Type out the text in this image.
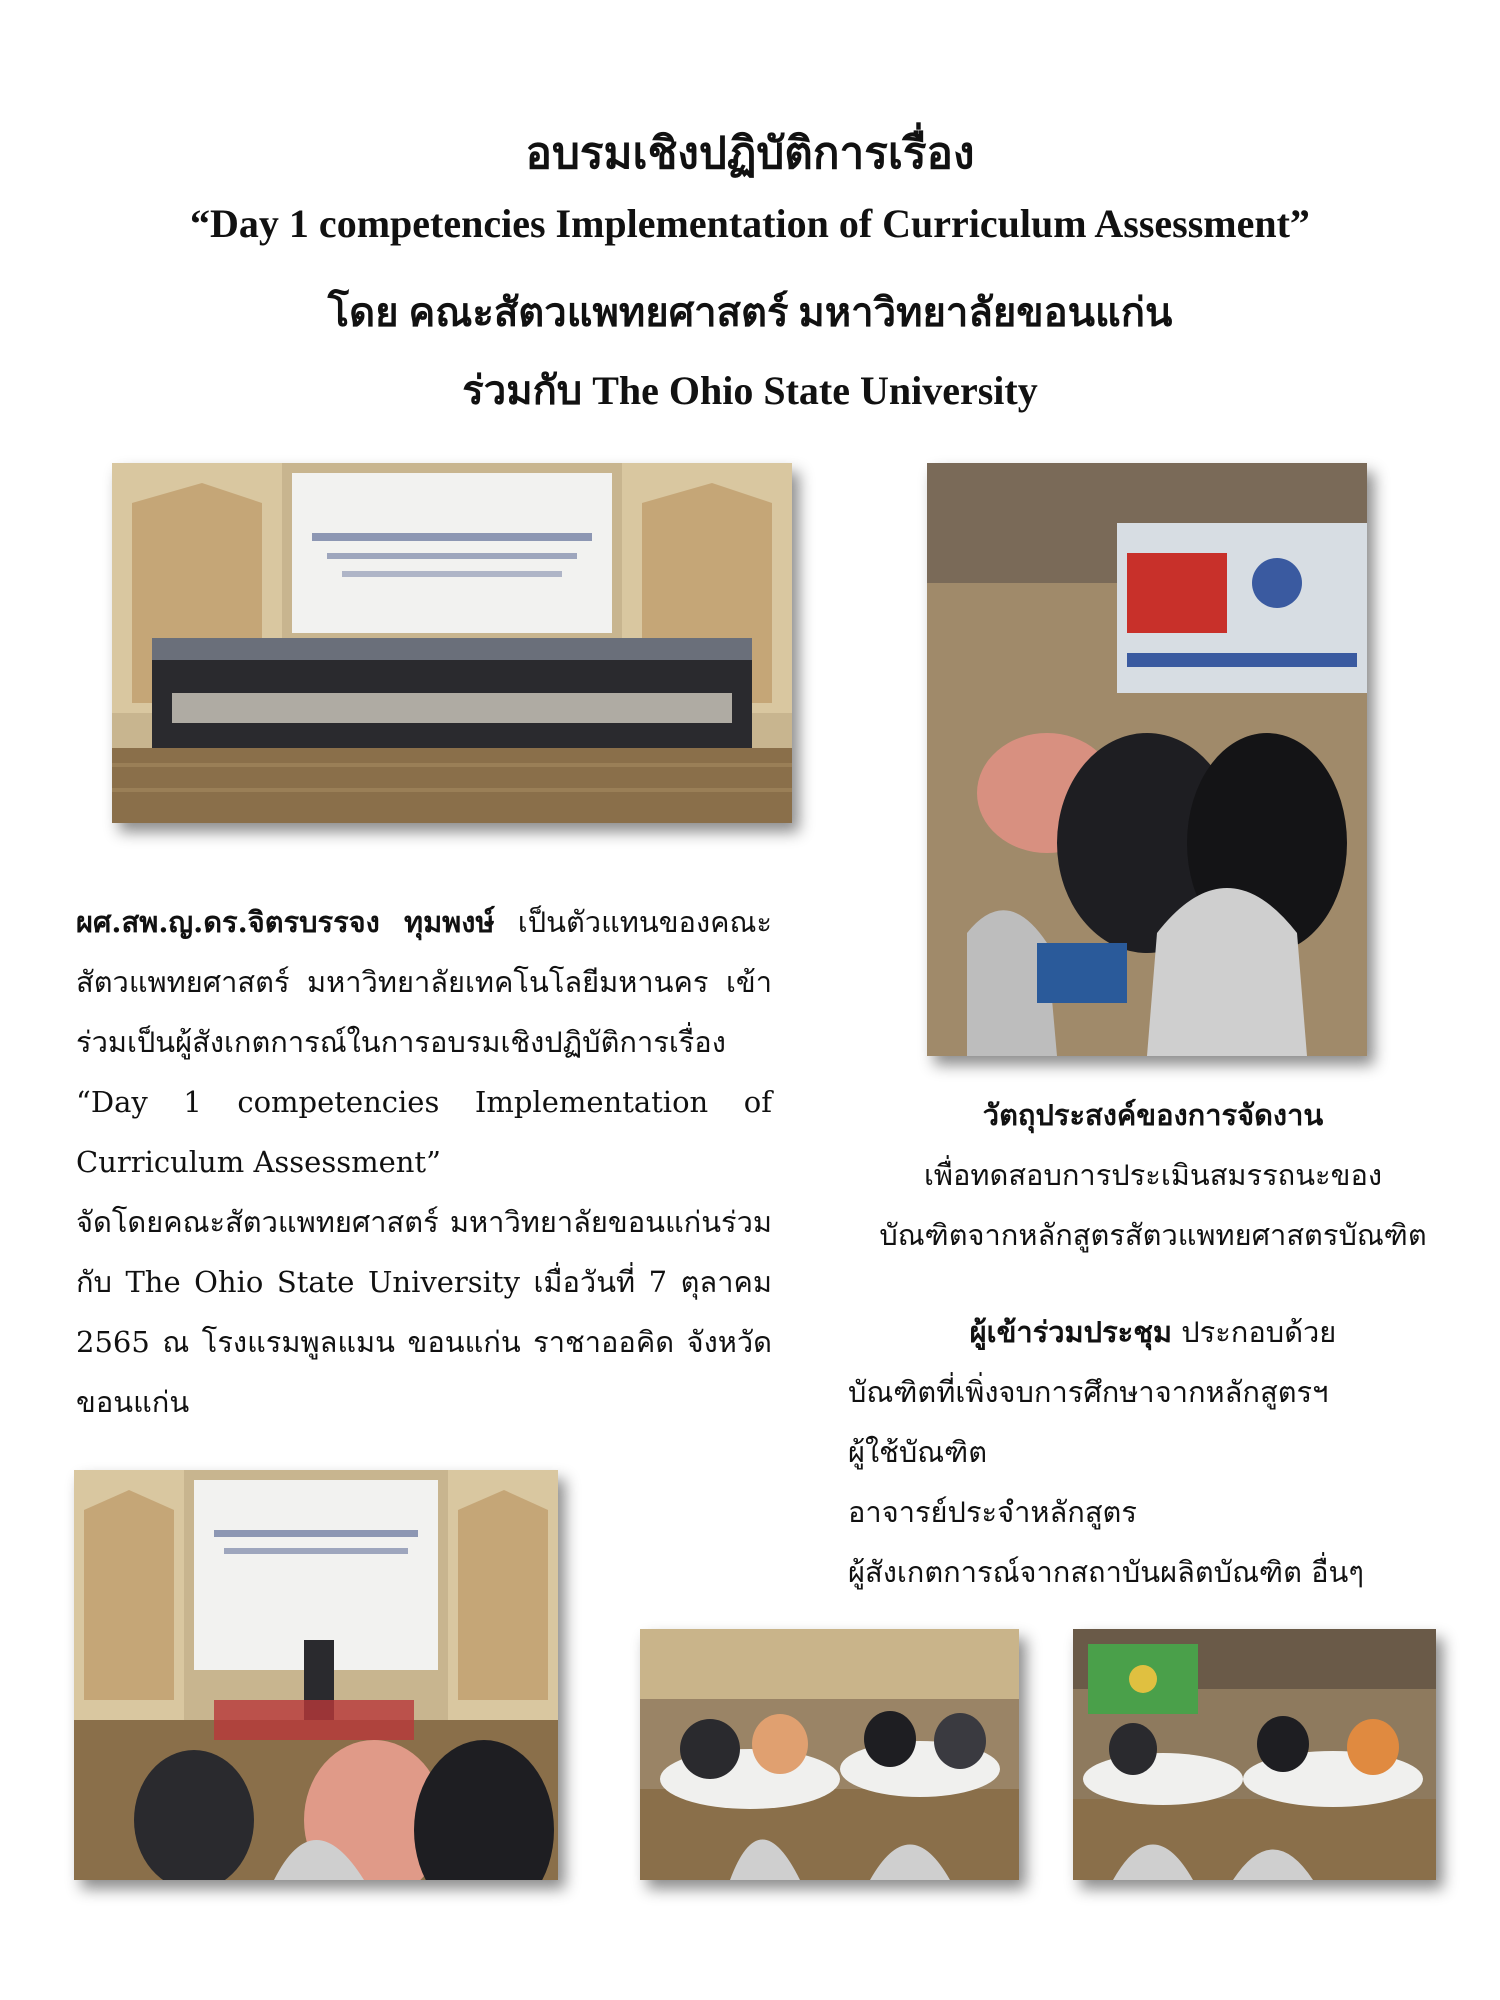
อบรมเชิงปฏิบัติการเรื่อง
“Day 1 competencies Implementation of Curriculum Assessment”
โดย คณะสัตวแพทยศาสตร์ มหาวิทยาลัยขอนแก่น
ร่วมกับ The Ohio State University
ผศ.สพ.ญ.ดร.จิตรบรรจง ทุมพงษ์ เป็นตัวแทนของคณะสัตวแพทยศาสตร์ มหาวิทยาลัยเทคโนโลยีมหานคร เข้าร่วมเป็นผู้สังเกตการณ์ในการอบรมเชิงปฏิบัติการเรื่อง “Day 1 competencies Implementation of Curriculum Assessment”
จัดโดยคณะสัตวแพทยศาสตร์ มหาวิทยาลัยขอนแก่นร่วมกับ The Ohio State University เมื่อวันที่ 7 ตุลาคม 2565 ณ โรงแรมพูลแมน ขอนแก่น ราชาออคิด จังหวัดขอนแก่น
วัตถุประสงค์ของการจัดงาน
เพื่อทดสอบการประเมินสมรรถนะของ
บัณฑิตจากหลักสูตรสัตวแพทยศาสตรบัณฑิต
ผู้เข้าร่วมประชุม ประกอบด้วย
บัณฑิตที่เพิ่งจบการศึกษาจากหลักสูตรฯ
ผู้ใช้บัณฑิต
อาจารย์ประจำหลักสูตร
ผู้สังเกตการณ์จากสถาบันผลิตบัณฑิต อื่นๆ
